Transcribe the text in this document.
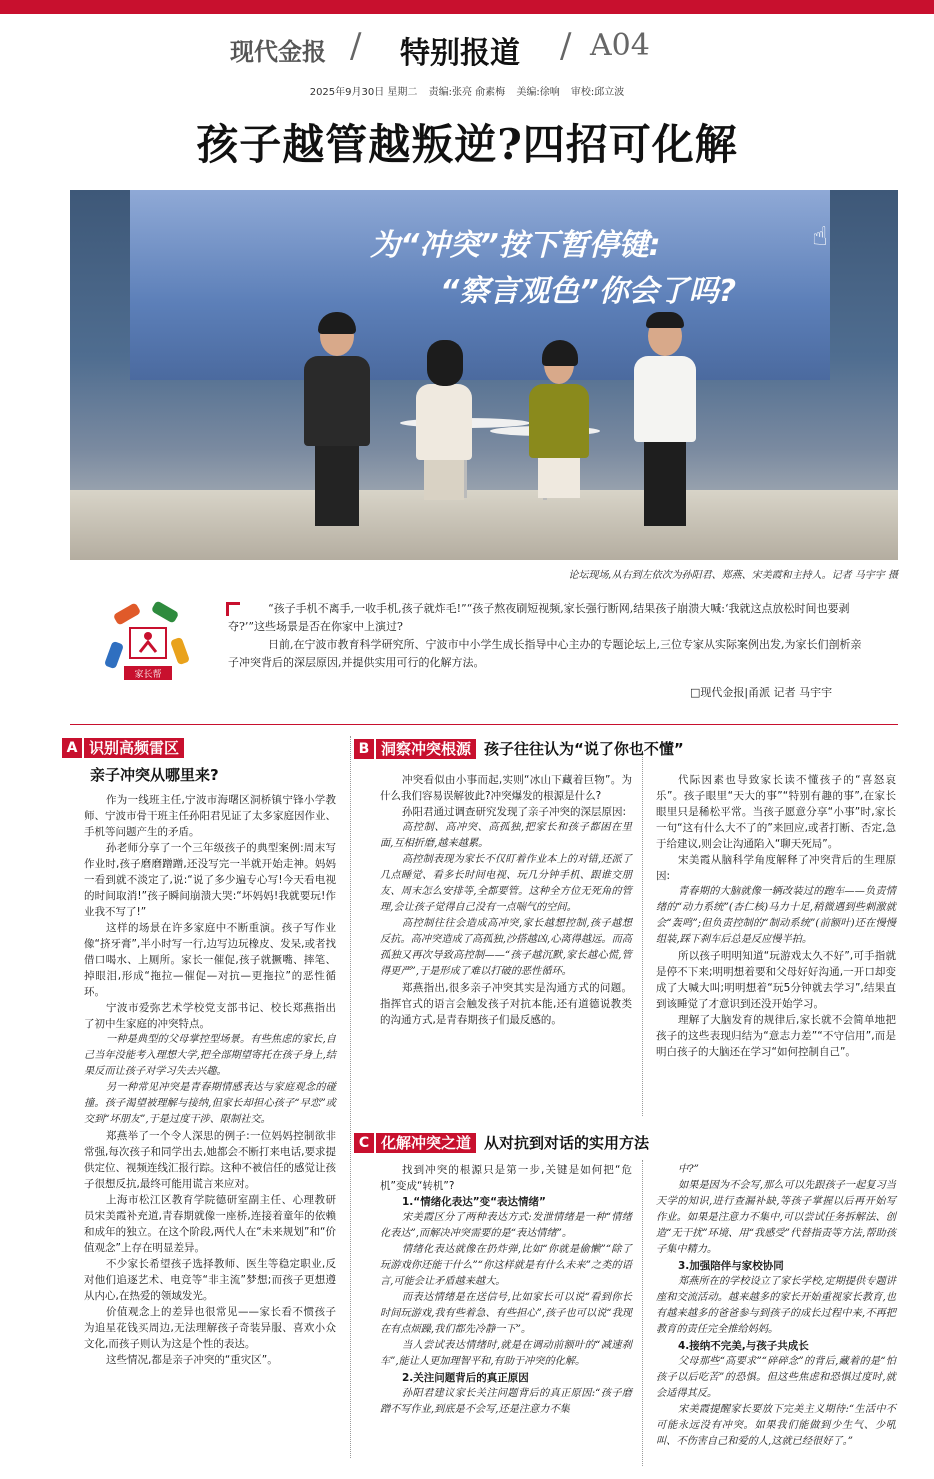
现代金报 / 特别报道 / A04
2025年9月30日 星期二 责编:张亮 俞素梅 美编:徐响 审校:邱立波
孩子越管越叛逆?四招可化解
为“冲突”按下暂停键:
“察言观色”你会了吗?
☝
论坛现场,从右到左依次为孙阳君、郑燕、宋美霞和主持人。记者 马宇宇 摄
家长帮

“孩子手机不离手,一收手机,孩子就炸毛!”“孩子熬夜刷短视频,家长强行断网,结果孩子崩溃大喊:‘我就这点放松时间也要剥夺?’”这些场景是否在你家中上演过?

日前,在宁波市教育科学研究所、宁波市中小学生成长指导中心主办的专题论坛上,三位专家从实际案例出发,为家长们剖析亲子冲突背后的深层原因,并提供实用可行的化解方法。

□现代金报|甬派 记者 马宇宇
A 识别高频雷区
亲子冲突从哪里来?

作为一线班主任,宁波市海曙区洞桥镇宁锋小学教师、宁波市骨干班主任孙阳君见证了太多家庭因作业、手机等问题产生的矛盾。

孙老师分享了一个三年级孩子的典型案例:周末写作业时,孩子磨磨蹭蹭,还没写完一半就开始走神。妈妈一看到就不淡定了,说:“说了多少遍专心写!今天看电视的时间取消!”孩子瞬间崩溃大哭:“坏妈妈!我就要玩!作业我不写了!”

这样的场景在许多家庭中不断重演。孩子写作业像“挤牙膏”,半小时写一行,边写边玩橡皮、发呆,或者找借口喝水、上厕所。家长一催促,孩子就撅嘴、摔笔、掉眼泪,形成“拖拉—催促—对抗—更拖拉”的恶性循环。

宁波市爱弥艺术学校党支部书记、校长郑燕指出了初中生家庭的冲突特点。

一种是典型的父母掌控型场景。有些焦虑的家长,自己当年没能考入理想大学,把全部期望寄托在孩子身上,结果反而让孩子对学习失去兴趣。

另一种常见冲突是青春期情感表达与家庭观念的碰撞。孩子渴望被理解与接纳,但家长却担心孩子“早恋”或交到“坏朋友”,于是过度干涉、限制社交。

郑燕举了一个令人深思的例子:一位妈妈控制欲非常强,每次孩子和同学出去,她都会不断打来电话,要求提供定位、视频连线汇报行踪。这种不被信任的感觉让孩子很想反抗,最终可能用谎言来应对。

上海市松江区教育学院德研室副主任、心理教研员宋美霞补充道,青春期就像一座桥,连接着童年的依赖和成年的独立。在这个阶段,两代人在“未来规划”和“价值观念”上存在明显差异。

不少家长希望孩子选择教师、医生等稳定职业,反对他们追逐艺术、电竞等“非主流”梦想;而孩子更想遵从内心,在热爱的领域发光。

价值观念上的差异也很常见——家长看不惯孩子为追星花钱买周边,无法理解孩子奇装异服、喜欢小众文化,而孩子则认为这是个性的表达。

这些情况,都是亲子冲突的“重灾区”。

B 洞察冲突根源 孩子往往认为“说了你也不懂”

冲突看似由小事而起,实则“冰山下藏着巨物”。为什么我们容易误解彼此?冲突爆发的根源是什么?

孙阳君通过调查研究发现了亲子冲突的深层原因:

高控制、高冲突、高孤独,把家长和孩子都困在里面,互相折磨,越来越累。

高控制表现为家长不仅盯着作业本上的对错,还派了几点睡觉、看多长时间电视、玩几分钟手机、跟谁交朋友、周末怎么安排等,全都要管。这种全方位无死角的管理,会让孩子觉得自己没有一点喘气的空间。

高控制往往会造成高冲突,家长越想控制,孩子越想反抗。高冲突造成了高孤独,沙搭越凶,心离得越远。而高孤独又再次导致高控制——“孩子越沉默,家长越心慌,管得更严”,于是形成了难以打破的恶性循环。

郑燕指出,很多亲子冲突其实是沟通方式的问题。指挥官式的语言会触发孩子对抗本能,还有道德说教类的沟通方式,是青春期孩子们最反感的。

代际因素也导致家长读不懂孩子的“喜怒哀乐”。孩子眼里“天大的事”“特别有趣的事”,在家长眼里只是稀松平常。当孩子愿意分享“小事”时,家长一句“这有什么大不了的”来回应,或者打断、否定,急于给建议,则会让沟通陷入“聊天死局”。

宋美霞从脑科学角度解释了冲突背后的生理原因:

青春期的大脑就像一辆改装过的跑车——负责情绪的“动力系统”(杏仁核)马力十足,稍微遇到些刺激就会“轰鸣”;但负责控制的“制动系统”(前额叶)还在慢慢组装,踩下刹车后总是反应慢半拍。

所以孩子明明知道“玩游戏太久不好”,可手指就是停不下来;明明想着要和父母好好沟通,一开口却变成了大喊大叫;明明想着“玩5分钟就去学习”,结果直到该睡觉了才意识到还没开始学习。

理解了大脑发育的规律后,家长就不会简单地把孩子的这些表现归结为“意志力差”“不守信用”,而是明白孩子的大脑还在学习“如何控制自己”。

C 化解冲突之道 从对抗到对话的实用方法

找到冲突的根源只是第一步,关键是如何把“危机”变成“转机”?

1.“情绪化表达”变“表达情绪”

宋美霞区分了两种表达方式:发泄情绪是一种“情绪化表达”,而解决冲突需要的是“表达情绪”。

情绪化表达就像在扔炸弹,比如“你就是偷懒”“除了玩游戏你还能干什么”“你这样就是有什么未来”之类的语言,可能会让矛盾越来越大。

而表达情绪是在送信号,比如家长可以说“看到你长时间玩游戏,我有些着急、有些担心”,孩子也可以说“我现在有点烦躁,我们都先冷静一下”。

当人尝试表达情绪时,就是在调动前额叶的“减速刹车”,能让人更加理智平和,有助于冲突的化解。

2.关注问题背后的真正原因

孙阳君建议家长关注问题背后的真正原因:“孩子磨蹭不写作业,到底是不会写,还是注意力不集

中?”

如果是因为不会写,那么可以先跟孩子一起复习当天学的知识,进行查漏补缺,等孩子掌握以后再开始写作业。如果是注意力不集中,可以尝试任务拆解法、创造“无干扰”环境、用“我感受”代替指责等方法,帮助孩子集中精力。

3.加强陪伴与家校协同

郑燕所在的学校设立了家长学校,定期提供专题讲座和交流活动。越来越多的家长开始重视家长教育,也有越来越多的爸爸参与到孩子的成长过程中来,不再把教育的责任完全推给妈妈。

4.接纳不完美,与孩子共成长

父母那些“高要求”“碎碎念”的背后,藏着的是“怕孩子以后吃苦”的恐惧。但这些焦虑和恐惧过度时,就会适得其反。

宋美霞提醒家长要放下完美主义期待:“生活中不可能永远没有冲突。如果我们能做到少生气、少吼叫、不伤害自己和爱的人,这就已经很好了。”
